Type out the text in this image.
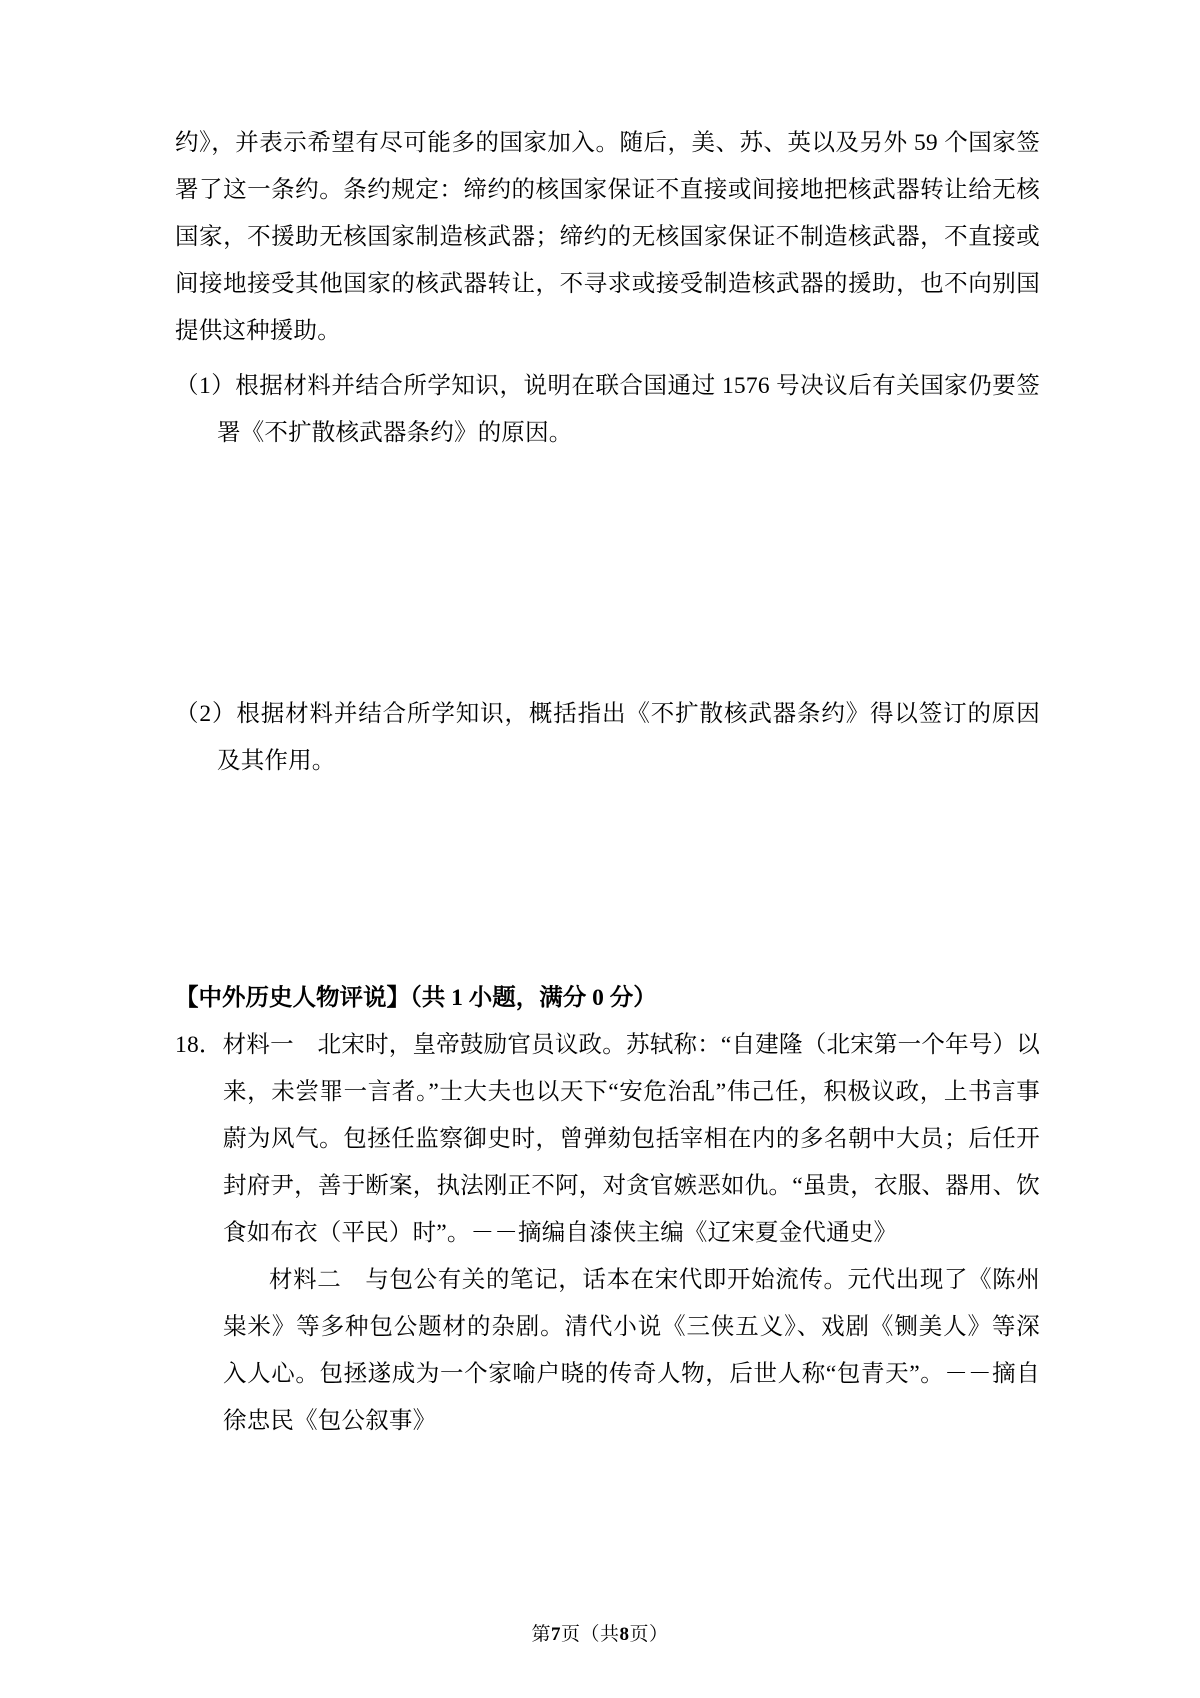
约》，并表示希望有尽可能多的国家加入。随后，美、苏、英以及另外 59 个国家签署了这一条约。条约规定：缔约的核国家保证不直接或间接地把核武器转让给无核国家，不援助无核国家制造核武器；缔约的无核国家保证不制造核武器，不直接或间接地接受其他国家的核武器转让，不寻求或接受制造核武器的援助，也不向别国提供这种援助。
（1）根据材料并结合所学知识，说明在联合国通过 1576 号决议后有关国家仍要签署《不扩散核武器条约》的原因。
（2）根据材料并结合所学知识，概括指出《不扩散核武器条约》得以签订的原因及其作用。
【中外历史人物评说】（共 1 小题，满分 0 分）
18．材料一　北宋时，皇帝鼓励官员议政。苏轼称：“自建隆（北宋第一个年号）以来，未尝罪一言者。”士大夫也以天下“安危治乱”伟己任，积极议政，上书言事蔚为风气。包拯任监察御史时，曾弹劾包括宰相在内的多名朝中大员；后任开封府尹，善于断案，执法刚正不阿，对贪官嫉恶如仇。“虽贵，衣服、器用、饮食如布衣（平民）时”。－－摘编自漆侠主编《辽宋夏金代通史》
材料二　与包公有关的笔记，话本在宋代即开始流传。元代出现了《陈州粜米》等多种包公题材的杂剧。清代小说《三侠五义》、戏剧《铡美人》等深入人心。包拯遂成为一个家喻户晓的传奇人物，后世人称“包青天”。－－摘自徐忠民《包公叙事》
第7页（共8页）
